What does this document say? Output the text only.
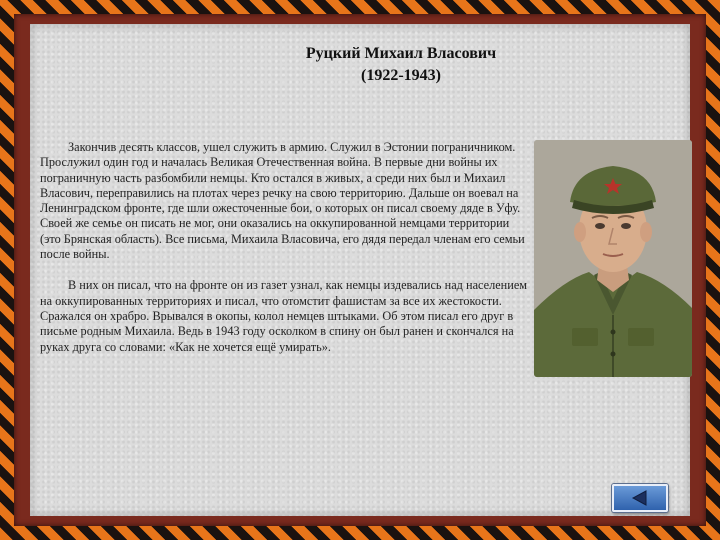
Руцкий Михаил Власович
(1922-1943)

Закончив десять классов, ушел служить в армию. Служил в Эстонии пограничником. Прослужил один год и началась Великая Отечественная война. В первые дни войны их пограничную часть разбомбили немцы. Кто остался в живых, а среди них был и Михаил Власович, переправились на плотах через речку на свою территорию. Дальше он воевал на Ленинградском фронте, где шли ожесточенные бои, о которых он писал своему дяде в Уфу. Своей же семье он писать не мог, они оказались на оккупированной немцами территории (это Брянская область). Все письма, Михаила Власовича, его дядя передал членам его семьи после войны.

В них он писал, что на фронте он из газет узнал, как немцы издевались над населением на оккупированных территориях и писал, что отомстит фашистам за все их жестокости. Сражался он храбро. Врывался в окопы, колол немцев штыками. Об этом писал его друг в письме родным Михаила. Ведь в 1943 году осколком в спину он был ранен и скончался на руках друга со словами: «Как не хочется ещё умирать».
